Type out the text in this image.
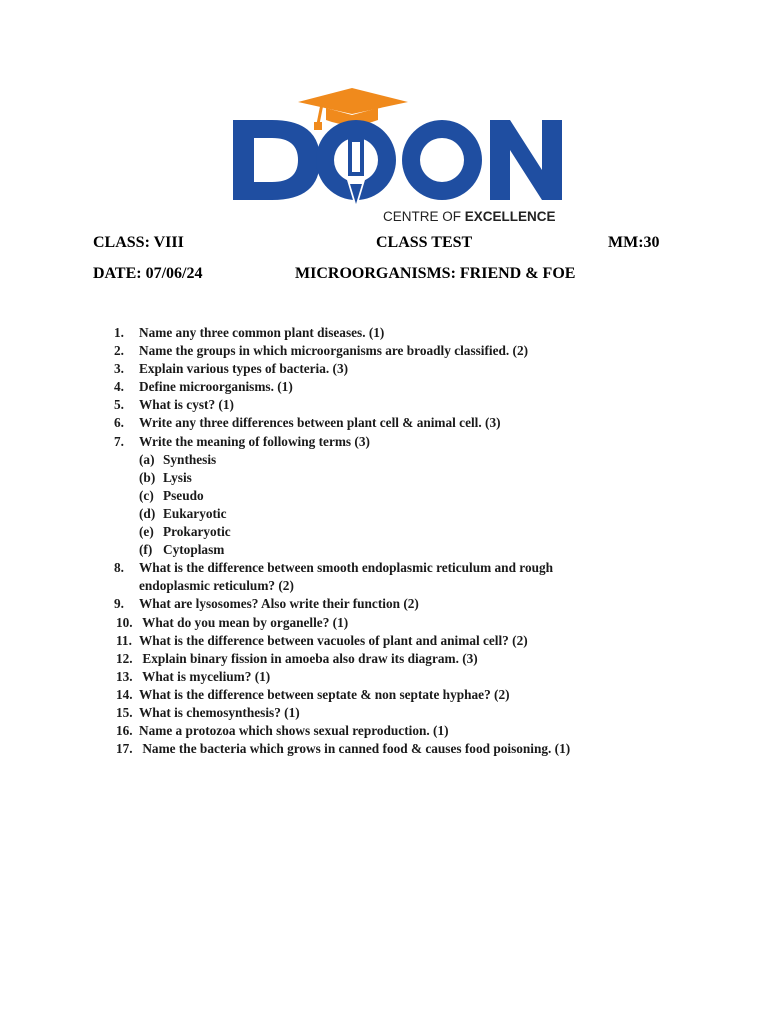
CENTRE OF EXCELLENCE
CLASS: VIII	CLASS TEST	MM:30
DATE: 07/06/24	MICROORGANISMS: FRIEND & FOE
1. Name any three common plant diseases. (1)
2. Name the groups in which microorganisms are broadly classified. (2)
3. Explain various types of bacteria. (3)
4. Define microorganisms. (1)
5. What is cyst? (1)
6. Write any three differences between plant cell & animal cell. (3)
7. Write the meaning of following terms (3)
(a) Synthesis
(b) Lysis
(c) Pseudo
(d) Eukaryotic
(e) Prokaryotic
(f) Cytoplasm
8. What is the difference between smooth endoplasmic reticulum and rough
endoplasmic reticulum? (2)
9. What are lysosomes? Also write their function (2)
10. What do you mean by organelle? (1)
11. What is the difference between vacuoles of plant and animal cell? (2)
12. Explain binary fission in amoeba also draw its diagram. (3)
13. What is mycelium? (1)
14. What is the difference between septate & non septate hyphae? (2)
15. What is chemosynthesis? (1)
16. Name a protozoa which shows sexual reproduction. (1)
17. Name the bacteria which grows in canned food & causes food poisoning. (1)
